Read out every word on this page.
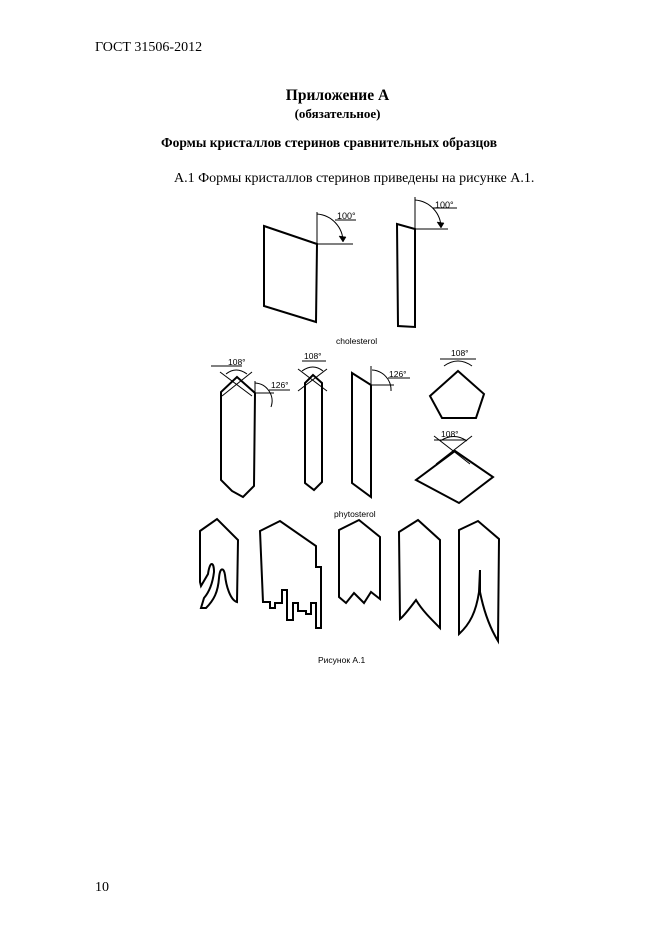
ГОСТ 31506-2012
Приложение А
(обязательное)
Формы кристаллов стеринов сравнительных образцов
А.1 Формы кристаллов стеринов приведены на рисунке А.1.
100°
100°
cholesterol
108°
126°
108°
126°
108°
108°
phytosterol
Рисунок А.1
10
